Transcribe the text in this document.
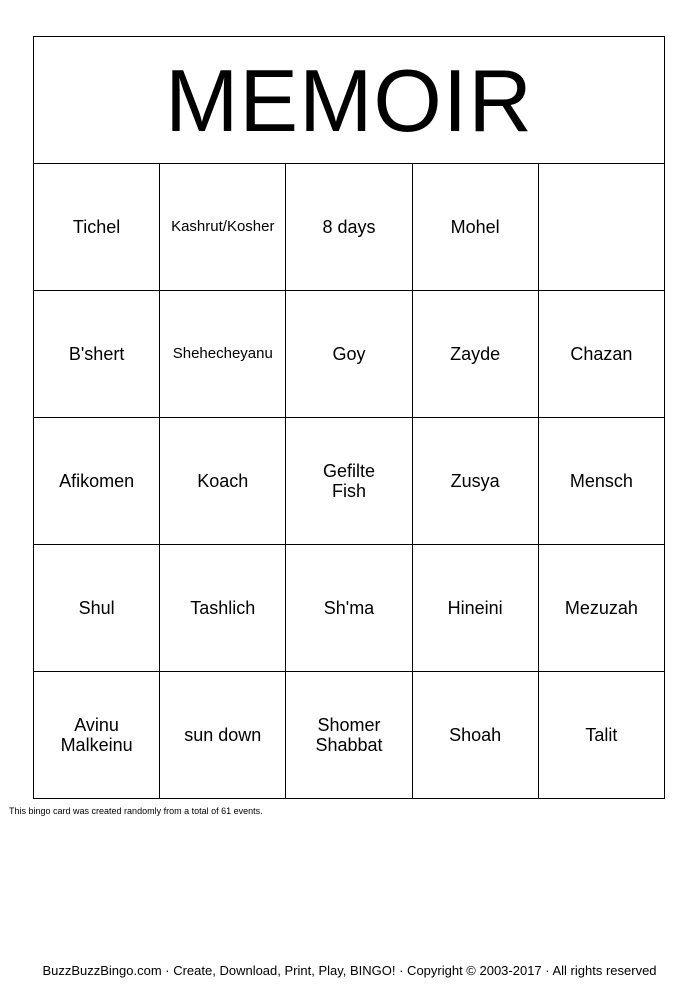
MEMOIR				
Tichel	Kashrut/Kosher	8 days	Mohel	
B'shert	Shehecheyanu	Goy	Zayde	Chazan
Afikomen	Koach	Gefilte Fish	Zusya	Mensch
Shul	Tashlich	Sh'ma	Hineini	Mezuzah
Avinu Malkeinu	sun down	Shomer Shabbat	Shoah	Talit
This bingo card was created randomly from a total of 61 events.
BuzzBuzzBingo.com · Create, Download, Print, Play, BINGO! · Copyright © 2003-2017 · All rights reserved
